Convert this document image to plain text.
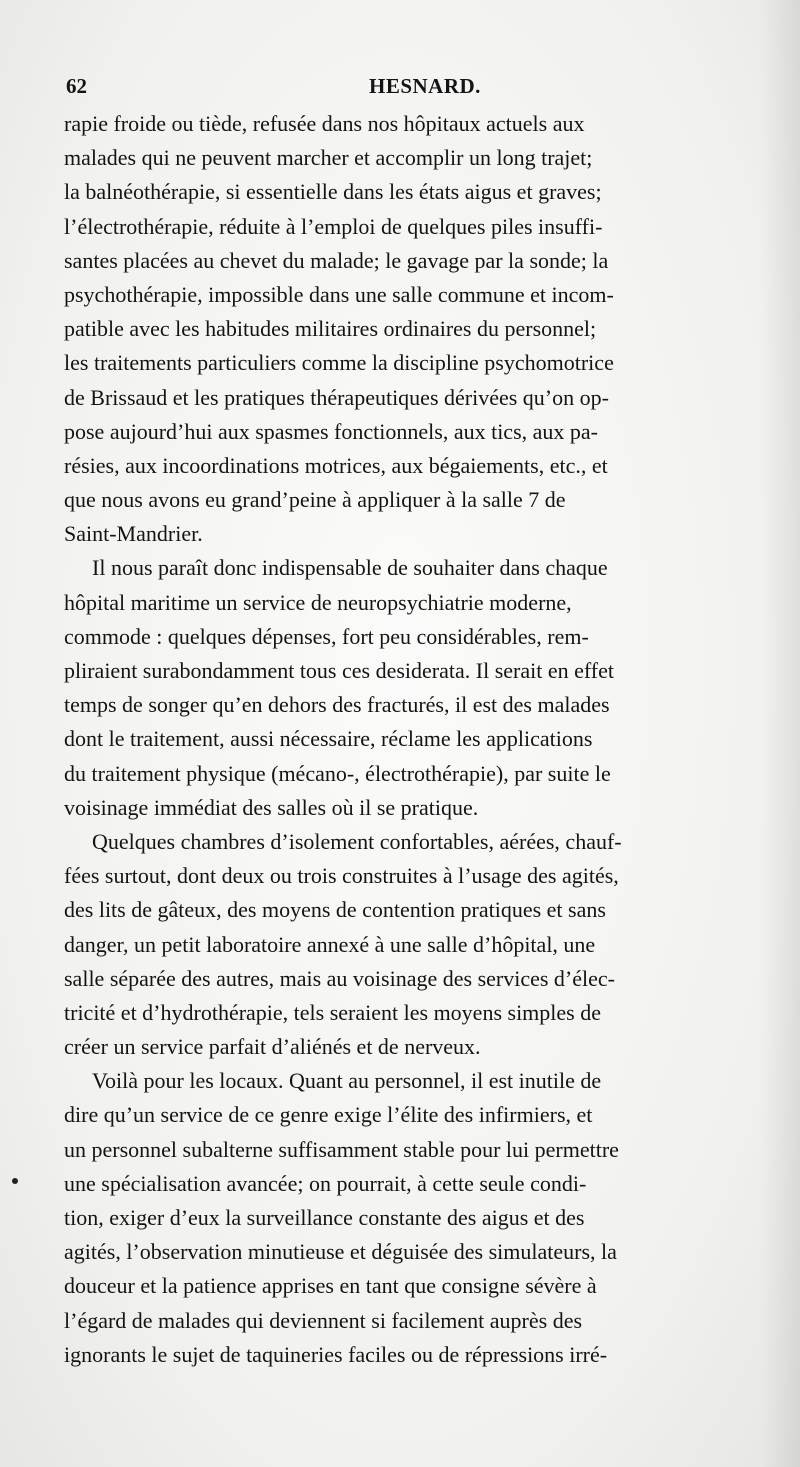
62	HESNARD.
rapie froide ou tiède, refusée dans nos hôpitaux actuels aux
malades qui ne peuvent marcher et accomplir un long trajet;
la balnéothérapie, si essentielle dans les états aigus et graves;
l’électrothérapie, réduite à l’emploi de quelques piles insuffi-
santes placées au chevet du malade; le gavage par la sonde; la
psychothérapie, impossible dans une salle commune et incom-
patible avec les habitudes militaires ordinaires du personnel;
les traitements particuliers comme la discipline psychomotrice
de Brissaud et les pratiques thérapeutiques dérivées qu’on op-
pose aujourd’hui aux spasmes fonctionnels, aux tics, aux pa-
résies, aux incoordinations motrices, aux bégaiements, etc., et
que nous avons eu grand’peine à appliquer à la salle 7 de
Saint-Mandrier.
Il nous paraît donc indispensable de souhaiter dans chaque
hôpital maritime un service de neuropsychiatrie moderne,
commode : quelques dépenses, fort peu considérables, rem-
pliraient surabondamment tous ces desiderata. Il serait en effet
temps de songer qu’en dehors des fracturés, il est des malades
dont le traitement, aussi nécessaire, réclame les applications
du traitement physique (mécano-, électrothérapie), par suite le
voisinage immédiat des salles où il se pratique.
Quelques chambres d’isolement confortables, aérées, chauf-
fées surtout, dont deux ou trois construites à l’usage des agités,
des lits de gâteux, des moyens de contention pratiques et sans
danger, un petit laboratoire annexé à une salle d’hôpital, une
salle séparée des autres, mais au voisinage des services d’élec-
tricité et d’hydrothérapie, tels seraient les moyens simples de
créer un service parfait d’aliénés et de nerveux.
Voilà pour les locaux. Quant au personnel, il est inutile de
dire qu’un service de ce genre exige l’élite des infirmiers, et
un personnel subalterne suffisamment stable pour lui permettre
une spécialisation avancée; on pourrait, à cette seule condi-
tion, exiger d’eux la surveillance constante des aigus et des
agités, l’observation minutieuse et déguisée des simulateurs, la
douceur et la patience apprises en tant que consigne sévère à
l’égard de malades qui deviennent si facilement auprès des
ignorants le sujet de taquineries faciles ou de répressions irré-
